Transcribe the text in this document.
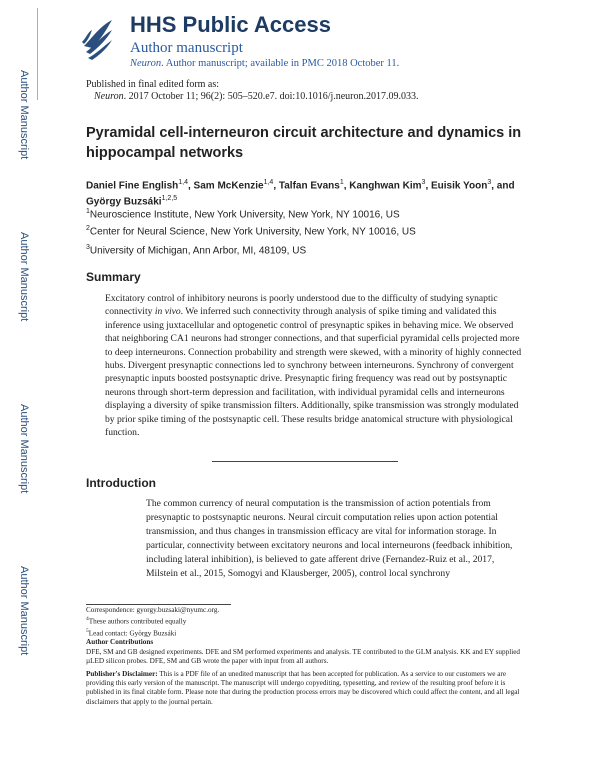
Author Manuscript
Author Manuscript
Author Manuscript
Author Manuscript
HHS Public Access
Author manuscript
Neuron. Author manuscript; available in PMC 2018 October 11.
Published in final edited form as:
Neuron. 2017 October 11; 96(2): 505–520.e7. doi:10.1016/j.neuron.2017.09.033.
Pyramidal cell-interneuron circuit architecture and dynamics in hippocampal networks
Daniel Fine English$^{1,4}$, Sam McKenzie$^{1,4}$, Talfan Evans$^1$, Kanghwan Kim$^3$, Euisik Yoon$^3$, and György Buzsáki$^{1,2,5}$
$^1$Neuroscience Institute, New York University, New York, NY 10016, US
$^2$Center for Neural Science, New York University, New York, NY 10016, US
$^3$University of Michigan, Ann Arbor, MI, 48109, US
Summary
Excitatory control of inhibitory neurons is poorly understood due to the difficulty of studying synaptic connectivity in vivo. We inferred such connectivity through analysis of spike timing and validated this inference using juxtacellular and optogenetic control of presynaptic spikes in behaving mice. We observed that neighboring CA1 neurons had stronger connections, and that superficial pyramidal cells projected more to deep interneurons. Connection probability and strength were skewed, with a minority of highly connected hubs. Divergent presynaptic connections led to synchrony between interneurons. Synchrony of convergent presynaptic inputs boosted postsynaptic drive. Presynaptic firing frequency was read out by postsynaptic neurons through short-term depression and facilitation, with individual pyramidal cells and interneurons displaying a diversity of spike transmission filters. Additionally, spike transmission was strongly modulated by prior spike timing of the postsynaptic cell. These results bridge anatomical structure with physiological function.
Introduction
The common currency of neural computation is the transmission of action potentials from presynaptic to postsynaptic neurons. Neural circuit computation relies upon action potential transmission, and thus changes in transmission efficacy are vital for information storage. In particular, connectivity between excitatory neurons and local interneurons (feedback inhibition, including lateral inhibition), is believed to gate afferent drive (Fernandez-Ruiz et al., 2017, Milstein et al., 2015, Somogyi and Klausberger, 2005), control local synchrony
Correspondence: gyorgy.buzsaki@nyumc.org.
$^4$These authors contributed equally
$^5$Lead contact: György Buzsáki
Author Contributions
DFE, SM and GB designed experiments. DFE and SM performed experiments and analysis. TE contributed to the GLM analysis. KK and EY supplied µLED silicon probes. DFE, SM and GB wrote the paper with input from all authors.
Publisher's Disclaimer: This is a PDF file of an unedited manuscript that has been accepted for publication. As a service to our customers we are providing this early version of the manuscript. The manuscript will undergo copyediting, typesetting, and review of the resulting proof before it is published in its final citable form. Please note that during the production process errors may be discovered which could affect the content, and all legal disclaimers that apply to the journal pertain.
